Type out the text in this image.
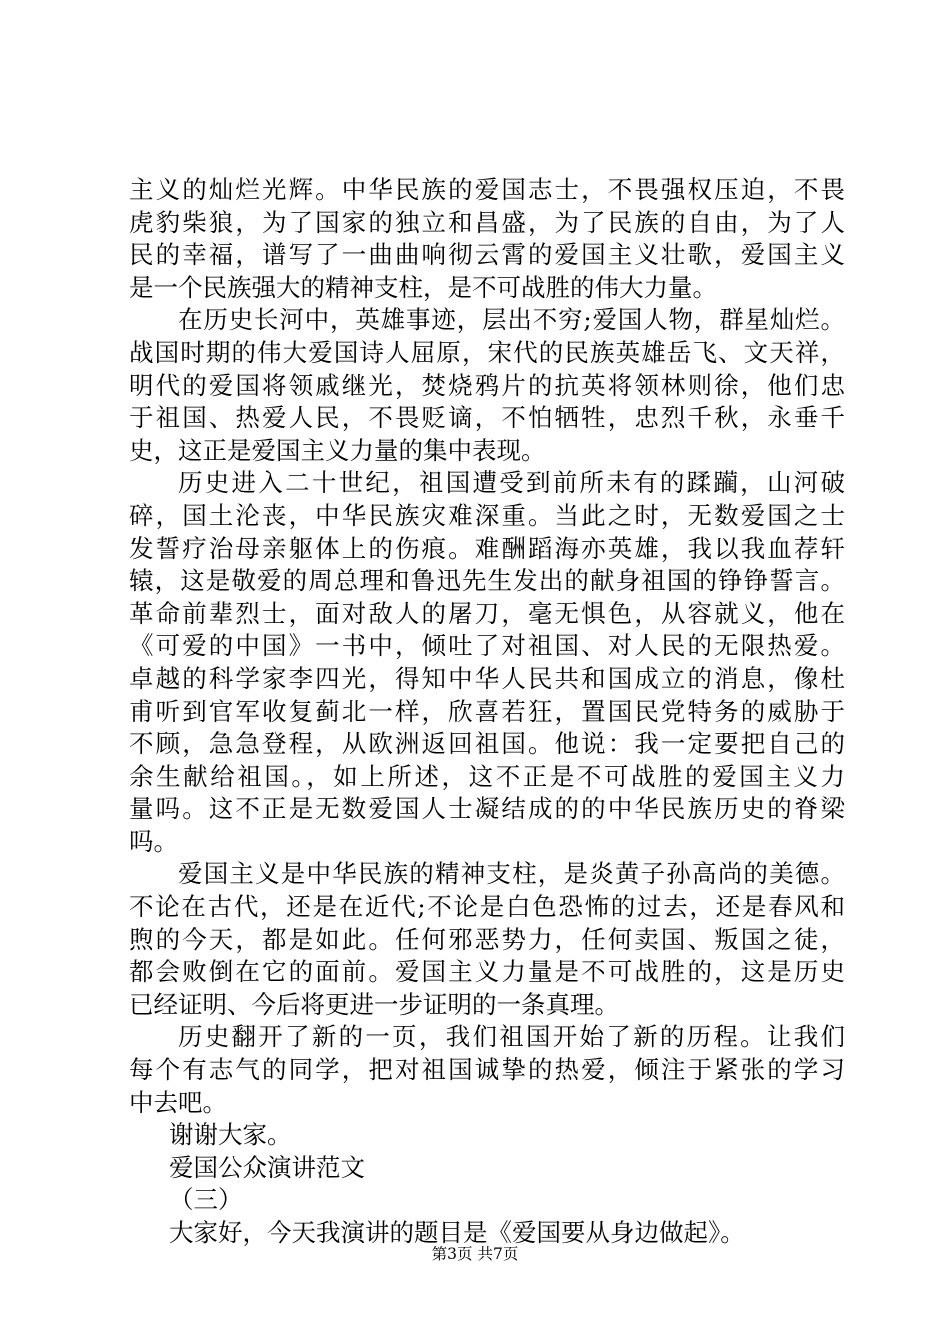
主义的灿烂光辉。中华民族的爱国志士，不畏强权压迫，不畏
虎豹柴狼，为了国家的独立和昌盛，为了民族的自由，为了人
民的幸福，谱写了一曲曲响彻云霄的爱国主义壮歌，爱国主义
是一个民族强大的精神支柱，是不可战胜的伟大力量。
在历史长河中，英雄事迹，层出不穷;爱国人物，群星灿烂。
战国时期的伟大爱国诗人屈原，宋代的民族英雄岳飞、文天祥，
明代的爱国将领戚继光，焚烧鸦片的抗英将领林则徐，他们忠
于祖国、热爱人民，不畏贬谪，不怕牺牲，忠烈千秋，永垂千
史，这正是爱国主义力量的集中表现。
历史进入二十世纪，祖国遭受到前所未有的蹂躏，山河破
碎，国土沦丧，中华民族灾难深重。当此之时，无数爱国之士
发誓疗治母亲躯体上的伤痕。难酬蹈海亦英雄，我以我血荐轩
辕，这是敬爱的周总理和鲁迅先生发出的献身祖国的铮铮誓言。
革命前辈烈士，面对敌人的屠刀，毫无惧色，从容就义，他在
《可爱的中国》一书中，倾吐了对祖国、对人民的无限热爱。
卓越的科学家李四光，得知中华人民共和国成立的消息，像杜
甫听到官军收复蓟北一样，欣喜若狂，置国民党特务的威胁于
不顾，急急登程，从欧洲返回祖国。他说：我一定要把自己的
余生献给祖国。，如上所述，这不正是不可战胜的爱国主义力
量吗。这不正是无数爱国人士凝结成的的中华民族历史的脊梁
吗。
爱国主义是中华民族的精神支柱，是炎黄子孙高尚的美德。
不论在古代，还是在近代;不论是白色恐怖的过去，还是春风和
煦的今天，都是如此。任何邪恶势力，任何卖国、叛国之徒，
都会败倒在它的面前。爱国主义力量是不可战胜的，这是历史
已经证明、今后将更进一步证明的一条真理。
历史翻开了新的一页，我们祖国开始了新的历程。让我们
每个有志气的同学，把对祖国诚挚的热爱，倾注于紧张的学习
中去吧。
谢谢大家。
爱国公众演讲范文
（三）
大家好，今天我演讲的题目是《爱国要从身边做起》。
第3页 共7页
